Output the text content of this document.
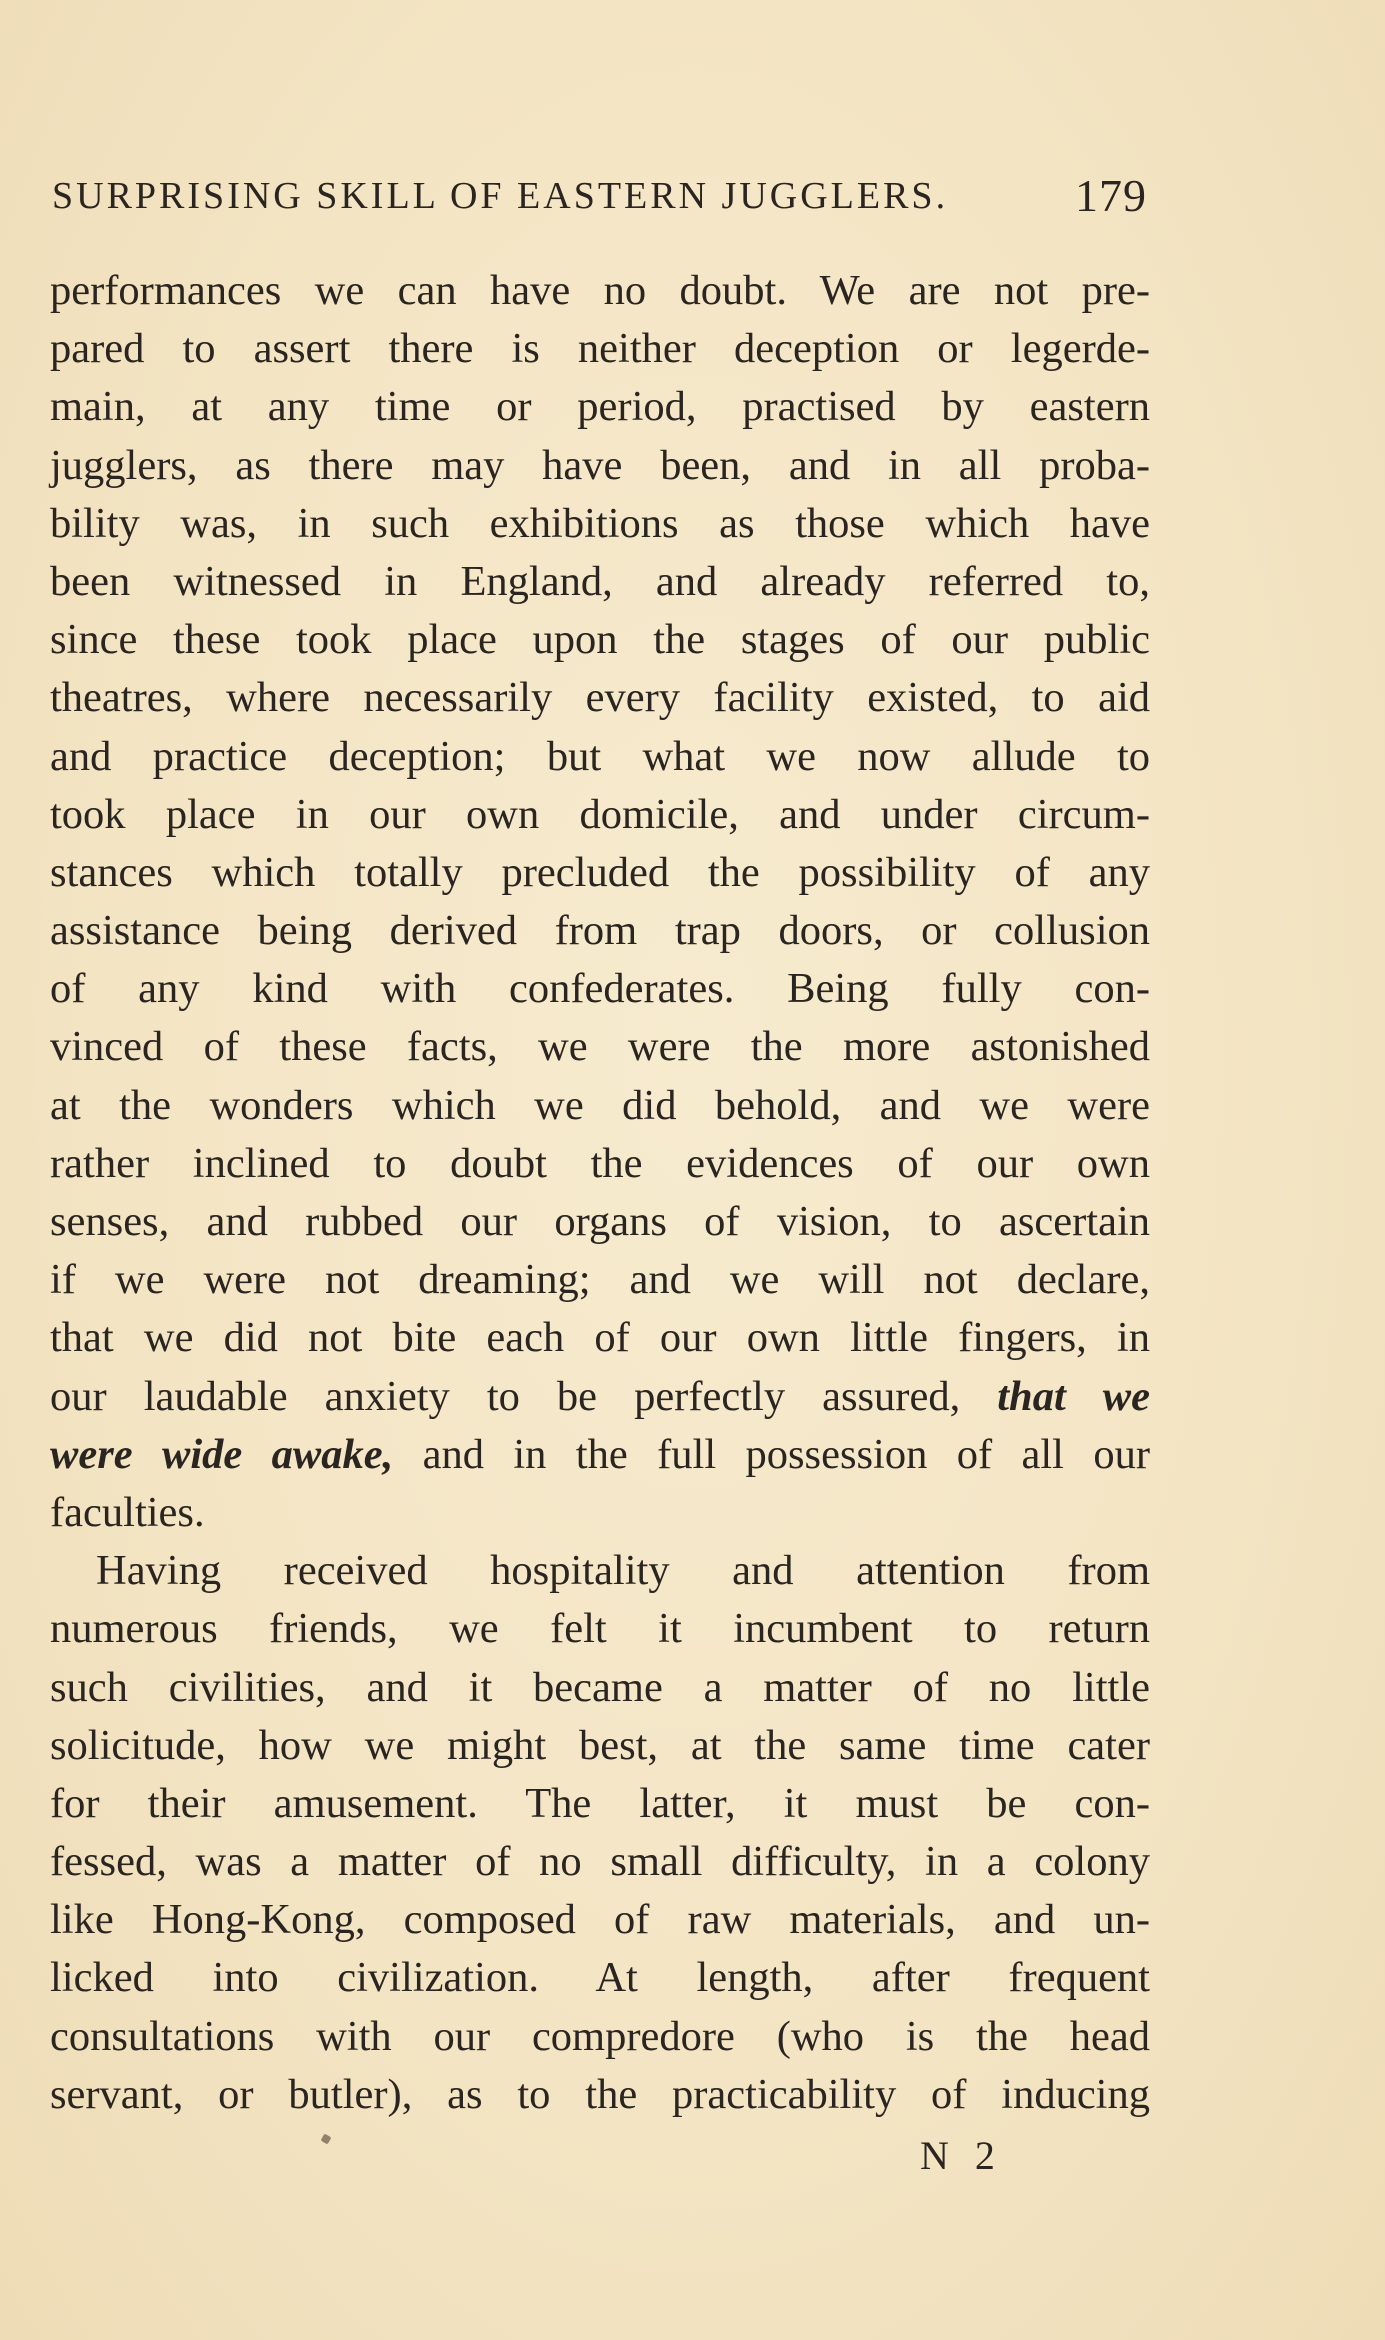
SURPRISING SKILL OF EASTERN JUGGLERS.	179
performances we can have no doubt. We are not pre-
pared to assert there is neither deception or legerde-
main, at any time or period, practised by eastern
jugglers, as there may have been, and in all proba-
bility was, in such exhibitions as those which have
been witnessed in England, and already referred to,
since these took place upon the stages of our public
theatres, where necessarily every facility existed, to aid
and practice deception; but what we now allude to
took place in our own domicile, and under circum-
stances which totally precluded the possibility of any
assistance being derived from trap doors, or collusion
of any kind with confederates. Being fully con-
vinced of these facts, we were the more astonished
at the wonders which we did behold, and we were
rather inclined to doubt the evidences of our own
senses, and rubbed our organs of vision, to ascertain
if we were not dreaming; and we will not declare,
that we did not bite each of our own little fingers, in
our laudable anxiety to be perfectly assured, that we
were wide awake, and in the full possession of all our
faculties.
Having received hospitality and attention from
numerous friends, we felt it incumbent to return
such civilities, and it became a matter of no little
solicitude, how we might best, at the same time cater
for their amusement. The latter, it must be con-
fessed, was a matter of no small difficulty, in a colony
like Hong-Kong, composed of raw materials, and un-
licked into civilization. At length, after frequent
consultations with our compredore (who is the head
servant, or butler), as to the practicability of inducing
N 2
